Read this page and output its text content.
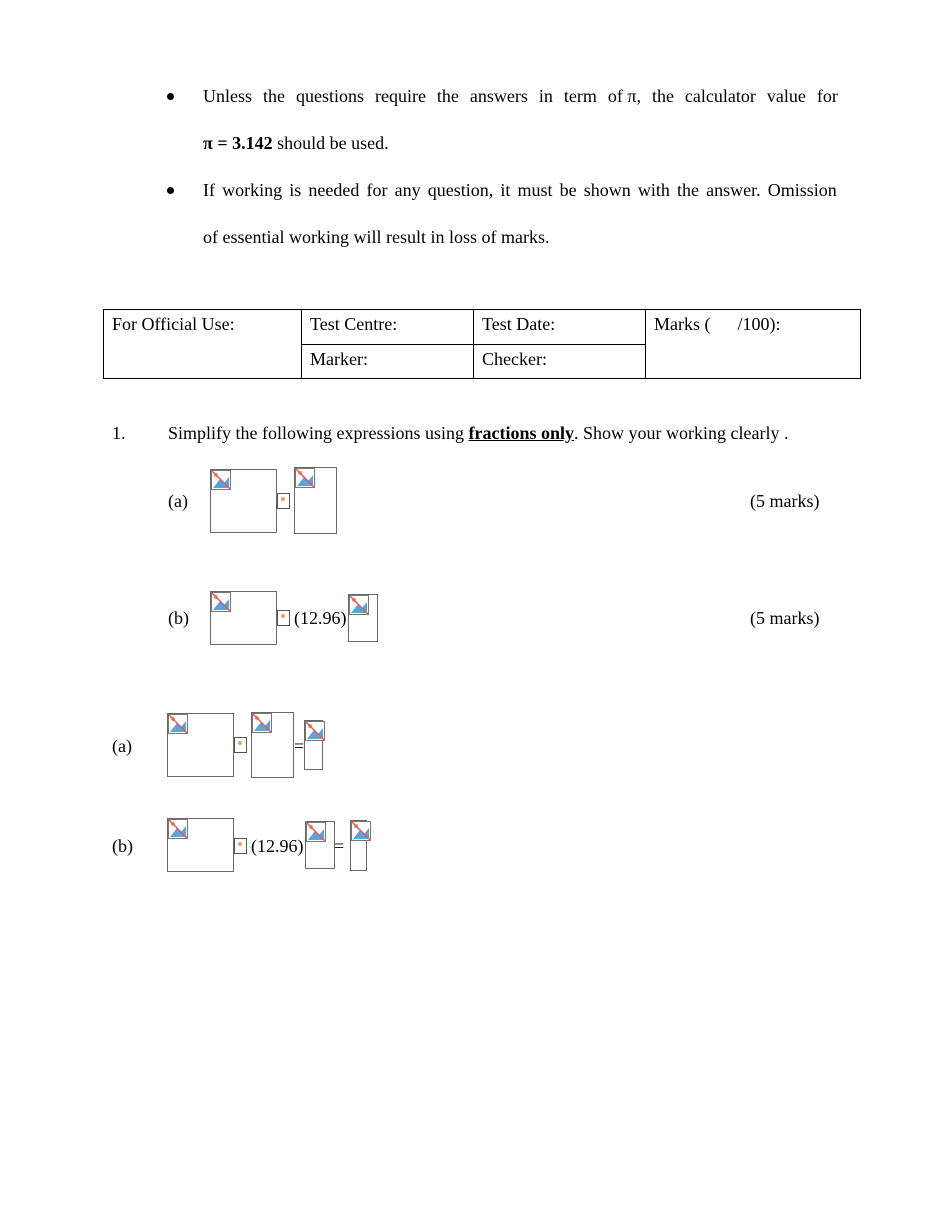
Unless the questions require the answers in term of π, the calculator value for
π = 3.142 should be used.
If working is needed for any question, it must be shown with the answer. Omission
of essential working will result in loss of marks.
For Official Use:	Test Centre:	Test Date:	Marks (      /100):
	Marker:	Checker:	
1. Simplify the following expressions using fractions only. Show your working clearly .
(a)	(5 marks)
(b)	(12.96)	(5 marks)
(a)	=
(b)	(12.96) =
